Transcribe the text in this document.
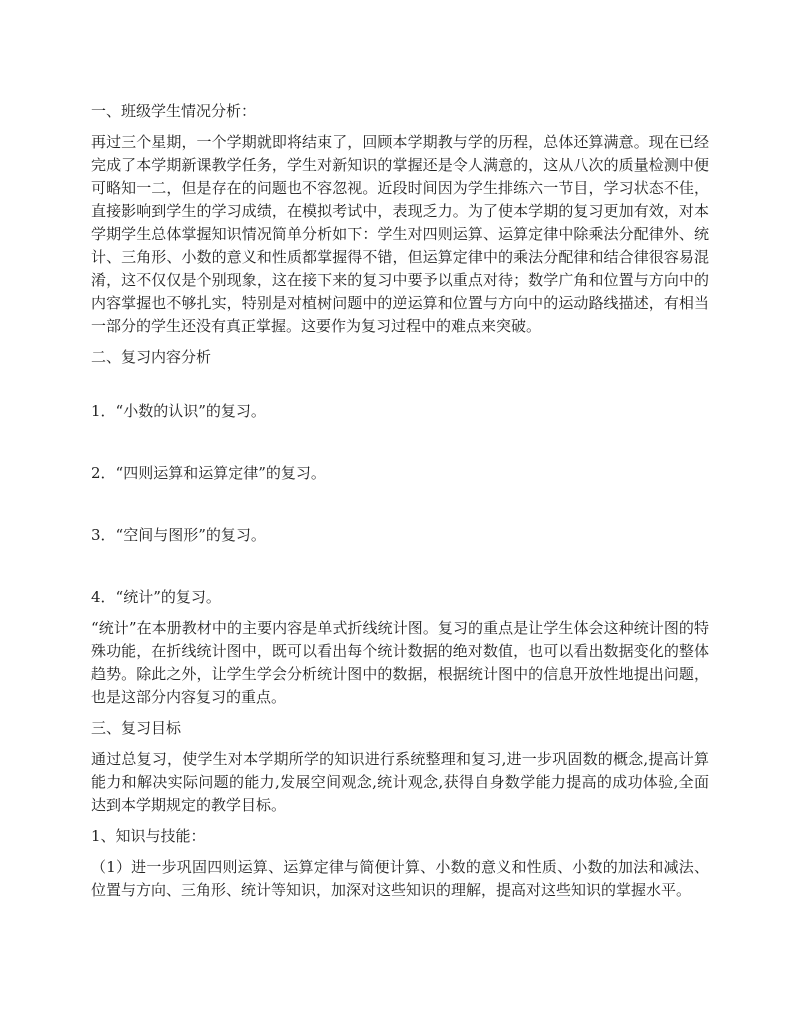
一、班级学生情况分析：

再过三个星期，一个学期就即将结束了，回顾本学期教与学的历程，总体还算满意。现在已经完成了本学期新课教学任务，学生对新知识的掌握还是令人满意的，这从八次的质量检测中便可略知一二，但是存在的问题也不容忽视。近段时间因为学生排练六一节目，学习状态不佳，直接影响到学生的学习成绩，在模拟考试中，表现乏力。为了使本学期的复习更加有效，对本学期学生总体掌握知识情况简单分析如下：学生对四则运算、运算定律中除乘法分配律外、统计、三角形、小数的意义和性质都掌握得不错，但运算定律中的乘法分配律和结合律很容易混淆，这不仅仅是个别现象，这在接下来的复习中要予以重点对待；数学广角和位置与方向中的内容掌握也不够扎实，特别是对植树问题中的逆运算和位置与方向中的运动路线描述，有相当一部分的学生还没有真正掌握。这要作为复习过程中的难点来突破。

二、复习内容分析

1．“小数的认识”的复习。

2．“四则运算和运算定律”的复习。

3．“空间与图形”的复习。

4．“统计”的复习。

“统计”在本册教材中的主要内容是单式折线统计图。复习的重点是让学生体会这种统计图的特殊功能，在折线统计图中，既可以看出每个统计数据的绝对数值，也可以看出数据变化的整体趋势。除此之外，让学生学会分析统计图中的数据，根据统计图中的信息开放性地提出问题，也是这部分内容复习的重点。

三、复习目标

通过总复习，使学生对本学期所学的知识进行系统整理和复习,进一步巩固数的概念,提高计算能力和解决实际问题的能力,发展空间观念,统计观念,获得自身数学能力提高的成功体验,全面达到本学期规定的教学目标。

1、知识与技能：

（1）进一步巩固四则运算、运算定律与简便计算、小数的意义和性质、小数的加法和减法、位置与方向、三角形、统计等知识，加深对这些知识的理解，提高对这些知识的掌握水平。
